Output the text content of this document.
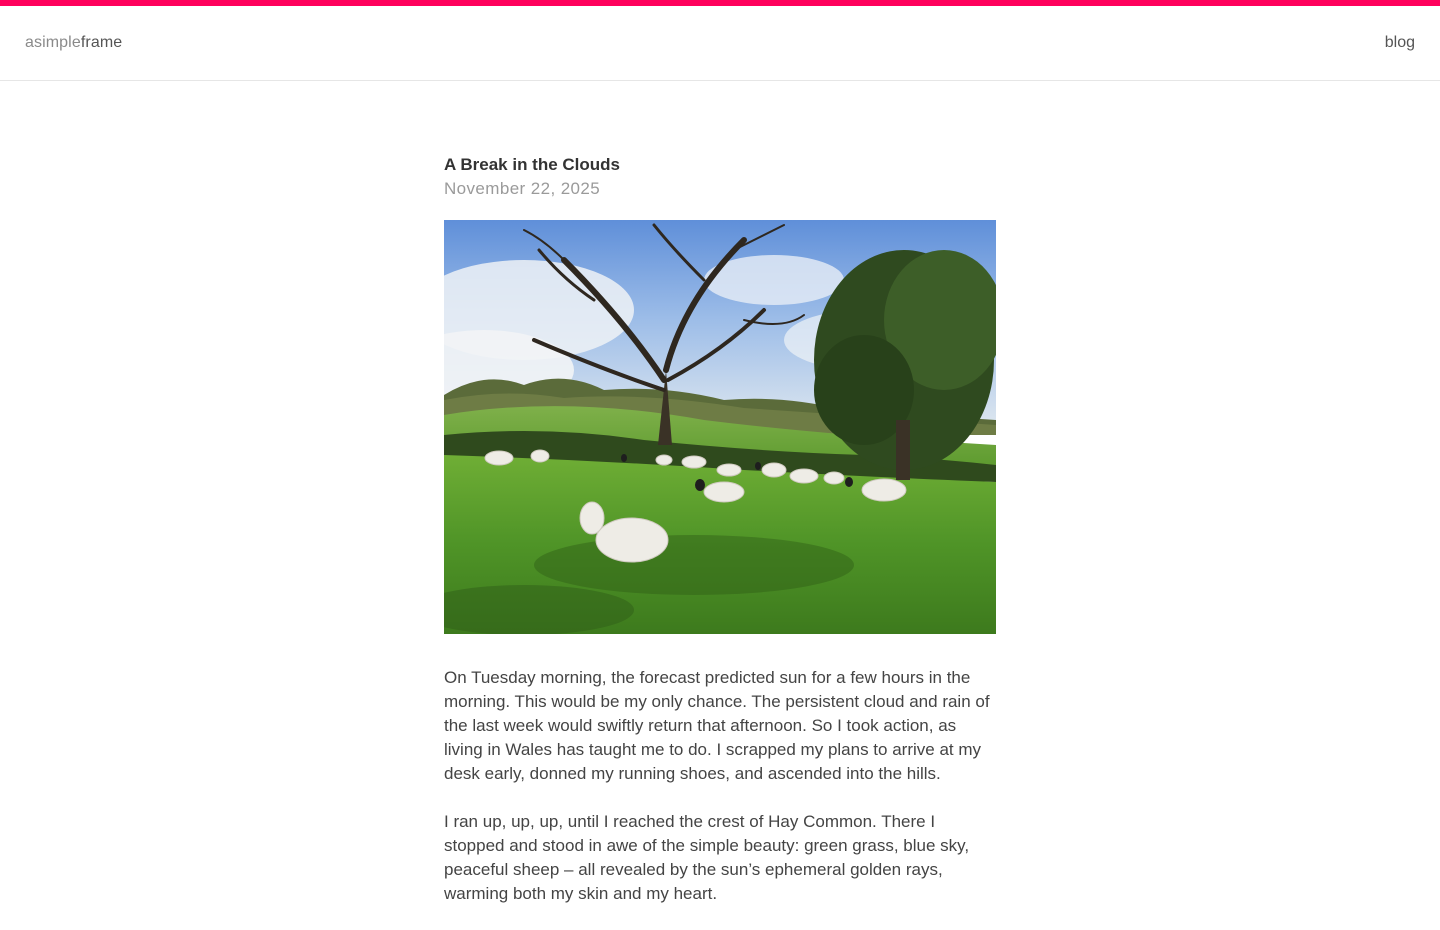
asimple frame	blog
A Break in the Clouds
November 22, 2025

On Tuesday morning, the forecast predicted sun for a few hours in the morning. This would be my only chance. The persistent cloud and rain of the last week would swiftly return that afternoon. So I took action, as living in Wales has taught me to do. I scrapped my plans to arrive at my desk early, donned my running shoes, and ascended into the hills.

I ran up, up, up, until I reached the crest of Hay Common. There I stopped and stood in awe of the simple beauty: green grass, blue sky, peaceful sheep – all revealed by the sun’s ephemeral golden rays, warming both my skin and my heart.
